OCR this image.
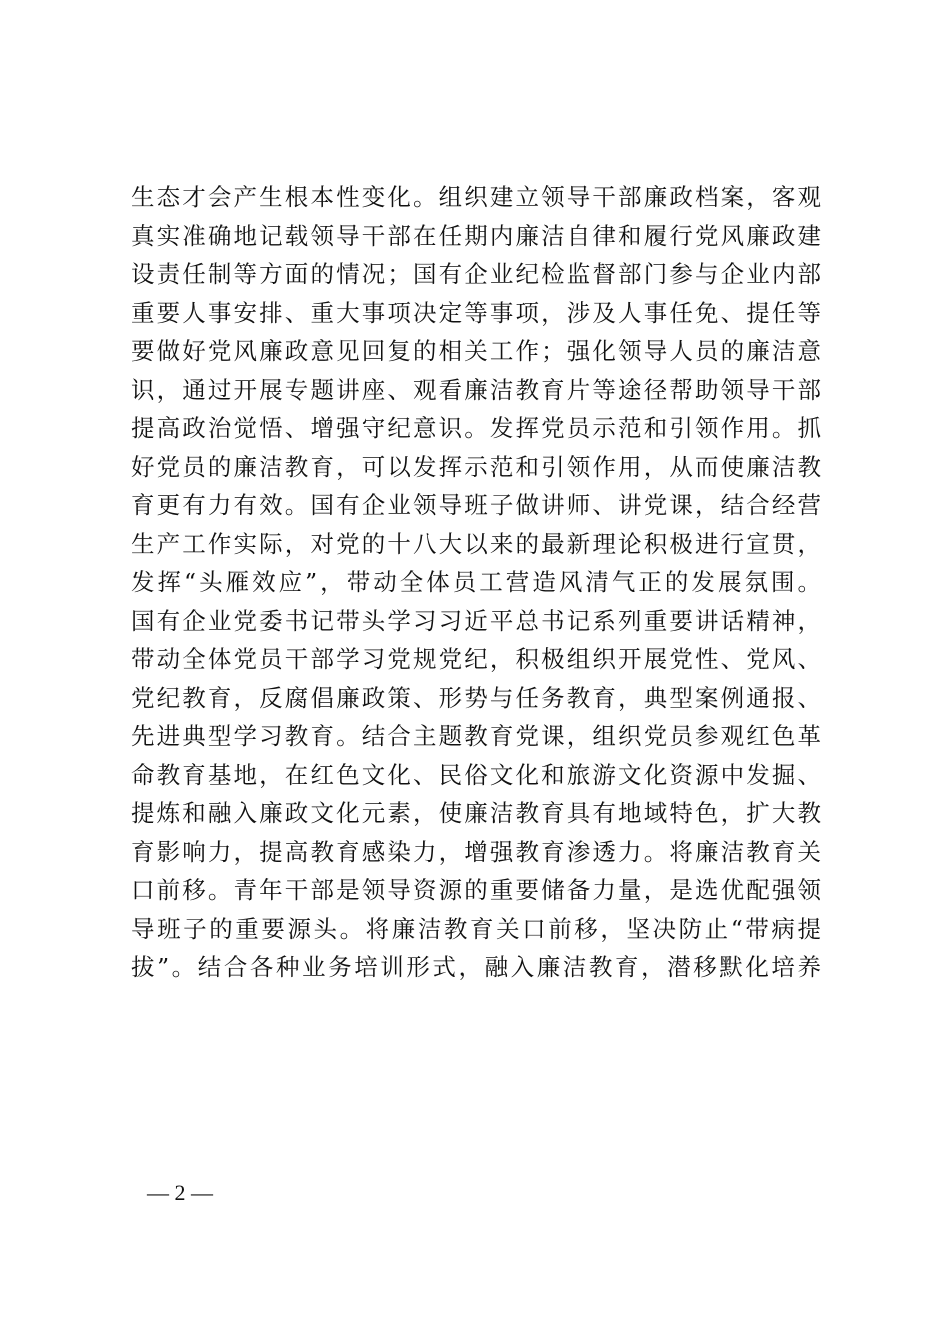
生态才会产生根本性变化。组织建立领导干部廉政档案，客观
真实准确地记载领导干部在任期内廉洁自律和履行党风廉政建
设责任制等方面的情况；国有企业纪检监督部门参与企业内部
重要人事安排、重大事项决定等事项，涉及人事任免、提任等
要做好党风廉政意见回复的相关工作；强化领导人员的廉洁意
识，通过开展专题讲座、观看廉洁教育片等途径帮助领导干部
提高政治觉悟、增强守纪意识。发挥党员示范和引领作用。抓
好党员的廉洁教育，可以发挥示范和引领作用，从而使廉洁教
育更有力有效。国有企业领导班子做讲师、讲党课，结合经营
生产工作实际，对党的十八大以来的最新理论积极进行宣贯，
发挥“头雁效应”，带动全体员工营造风清气正的发展氛围。
国有企业党委书记带头学习习近平总书记系列重要讲话精神，
带动全体党员干部学习党规党纪，积极组织开展党性、党风、
党纪教育，反腐倡廉政策、形势与任务教育，典型案例通报、
先进典型学习教育。结合主题教育党课，组织党员参观红色革
命教育基地，在红色文化、民俗文化和旅游文化资源中发掘、
提炼和融入廉政文化元素，使廉洁教育具有地域特色，扩大教
育影响力，提高教育感染力，增强教育渗透力。将廉洁教育关
口前移。青年干部是领导资源的重要储备力量，是选优配强领
导班子的重要源头。将廉洁教育关口前移，坚决防止“带病提
拔”。结合各种业务培训形式，融入廉洁教育，潜移默化培养
— 2 —
